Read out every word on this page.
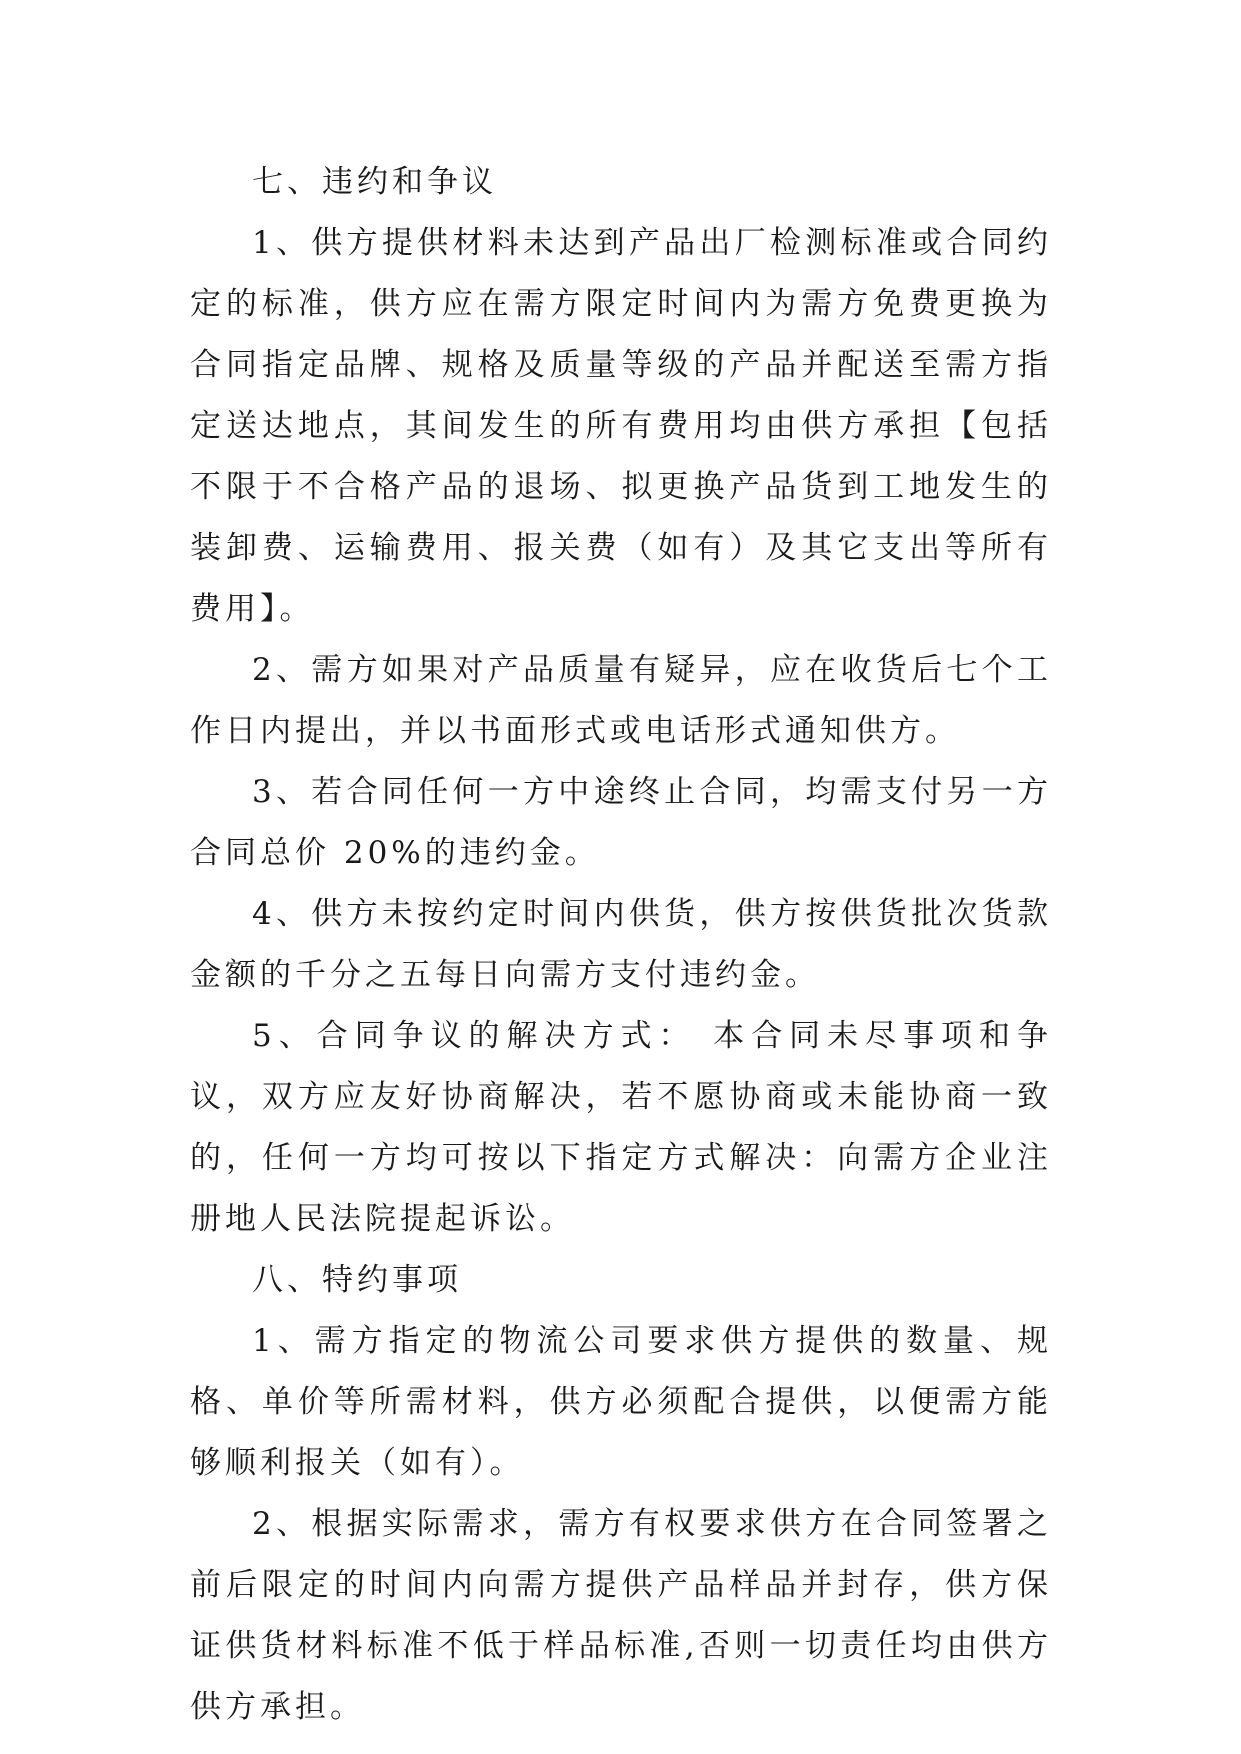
七、违约和争议

1、供方提供材料未达到产品出厂检测标准或合同约定的标准，供方应在需方限定时间内为需方免费更换为合同指定品牌、规格及质量等级的产品并配送至需方指定送达地点，其间发生的所有费用均由供方承担【包括不限于不合格产品的退场、拟更换产品货到工地发生的装卸费、运输费用、报关费（如有）及其它支出等所有费用】。

2、需方如果对产品质量有疑异，应在收货后七个工作日内提出，并以书面形式或电话形式通知供方。

3、若合同任何一方中途终止合同，均需支付另一方合同总价 20%的违约金。

4、供方未按约定时间内供货，供方按供货批次货款金额的千分之五每日向需方支付违约金。

5、合同争议的解决方式： 本合同未尽事项和争议，双方应友好协商解决，若不愿协商或未能协商一致的，任何一方均可按以下指定方式解决：向需方企业注册地人民法院提起诉讼。

八、特约事项

1、需方指定的物流公司要求供方提供的数量、规格、单价等所需材料，供方必须配合提供，以便需方能够顺利报关（如有）。

2、根据实际需求，需方有权要求供方在合同签署之前后限定的时间内向需方提供产品样品并封存，供方保证供货材料标准不低于样品标准,否则一切责任均由供方供方承担。
